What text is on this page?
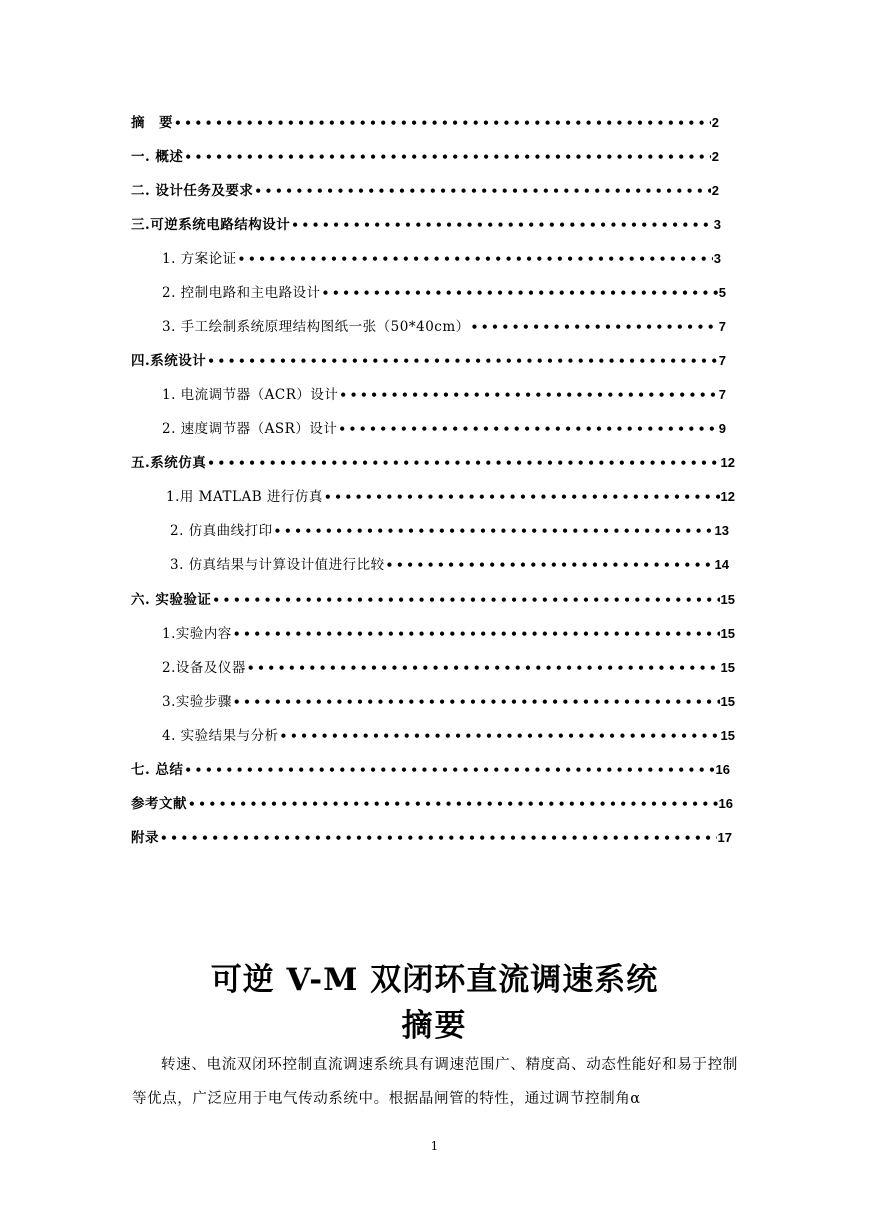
摘　要 •••••	2
一. 概述 •••••	2
二. 设计任务及要求 •••••	2
三.可逆系统电路结构设计 •••••	3
1. 方案论证 •••••	3
2. 控制电路和主电路设计 •••••	5
3. 手工绘制系统原理结构图纸一张（50*40cm） •••••	7
四.系统设计 •••••	7
1. 电流调节器（ACR）设计 •••••	7
2. 速度调节器（ASR）设计 •••••	9
五.系统仿真 •••••	12
1.用 MATLAB 进行仿真 •••••	12
2. 仿真曲线打印 •••••	13
3. 仿真结果与计算设计值进行比较 •••••	14
六. 实验验证 •••••	15
1.实验内容 •••••	15
2.设备及仪器 •••••	15
3.实验步骤 •••••	15
4. 实验结果与分析 •••••	15
七. 总结 •••••	16
参考文献 •••••	16
附录 •••••	17
可逆 V-M 双闭环直流调速系统
摘要

转速、电流双闭环控制直流调速系统具有调速范围广、精度高、动态性能好和易于控制等优点，广泛应用于电气传动系统中。根据晶闸管的特性，通过调节控制角α

1
